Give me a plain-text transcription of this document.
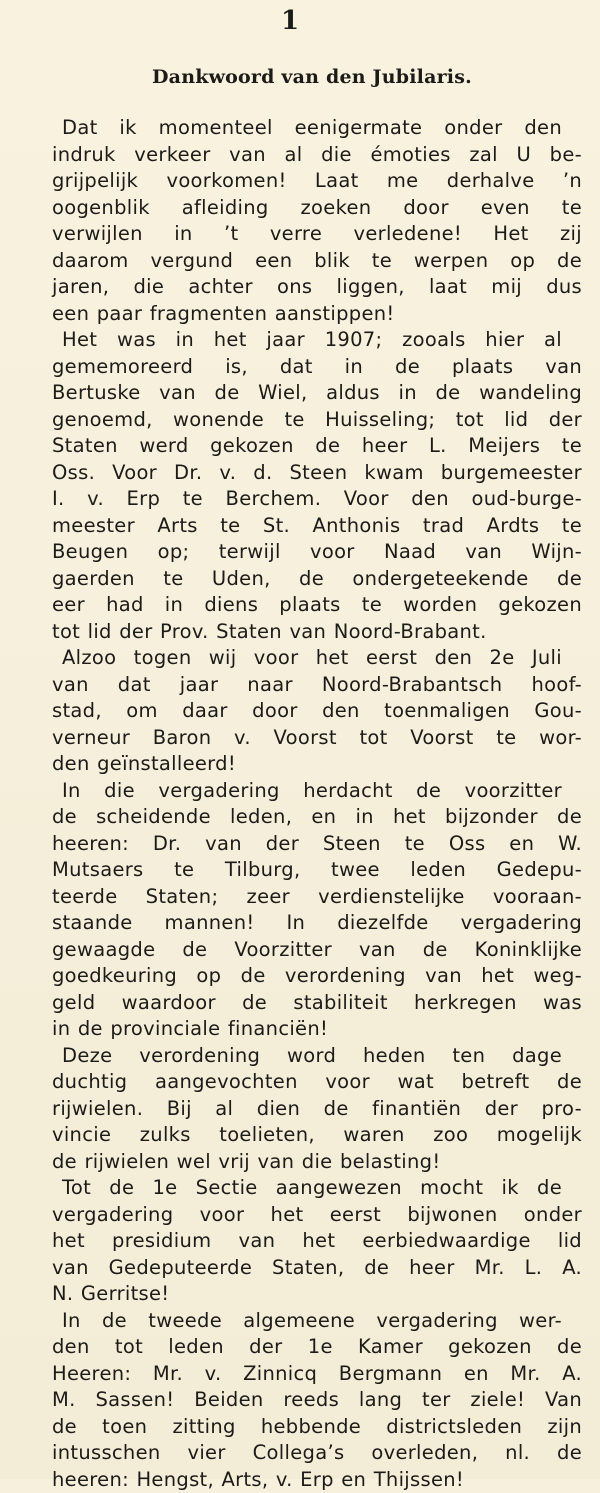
1
Dankwoord van den Jubilaris.
Dat ik momenteel eenigermate onder den
indruk verkeer van al die émoties zal U be-
grijpelijk voorkomen! Laat me derhalve ’n
oogenblik afleiding zoeken door even te
verwijlen in ’t verre verledene! Het zij
daarom vergund een blik te werpen op de
jaren, die achter ons liggen, laat mij dus
een paar fragmenten aanstippen!
Het was in het jaar 1907; zooals hier al
gememoreerd is, dat in de plaats van
Bertuske van de Wiel, aldus in de wandeling
genoemd, wonende te Huisseling; tot lid der
Staten werd gekozen de heer L. Meijers te
Oss. Voor Dr. v. d. Steen kwam burgemeester
I. v. Erp te Berchem. Voor den oud-burge-
meester Arts te St. Anthonis trad Ardts te
Beugen op; terwijl voor Naad van Wijn-
gaerden te Uden, de ondergeteekende de
eer had in diens plaats te worden gekozen
tot lid der Prov. Staten van Noord-Brabant.
Alzoo togen wij voor het eerst den 2e Juli
van dat jaar naar Noord-Brabantsch hoof-
stad, om daar door den toenmaligen Gou-
verneur Baron v. Voorst tot Voorst te wor-
den geïnstalleerd!
In die vergadering herdacht de voorzitter
de scheidende leden, en in het bijzonder de
heeren: Dr. van der Steen te Oss en W.
Mutsaers te Tilburg, twee leden Gedepu-
teerde Staten; zeer verdienstelijke vooraan-
staande mannen! In diezelfde vergadering
gewaagde de Voorzitter van de Koninklijke
goedkeuring op de verordening van het weg-
geld waardoor de stabiliteit herkregen was
in de provinciale financiën!
Deze verordening word heden ten dage
duchtig aangevochten voor wat betreft de
rijwielen. Bij al dien de finantiën der pro-
vincie zulks toelieten, waren zoo mogelijk
de rijwielen wel vrij van die belasting!
Tot de 1e Sectie aangewezen mocht ik de
vergadering voor het eerst bijwonen onder
het presidium van het eerbiedwaardige lid
van Gedeputeerde Staten, de heer Mr. L. A.
N. Gerritse!
In de tweede algemeene vergadering wer-
den tot leden der 1e Kamer gekozen de
Heeren: Mr. v. Zinnicq Bergmann en Mr. A.
M. Sassen! Beiden reeds lang ter ziele! Van
de toen zitting hebbende districtsleden zijn
intusschen vier Collega’s overleden, nl. de
heeren: Hengst, Arts, v. Erp en Thijssen!
